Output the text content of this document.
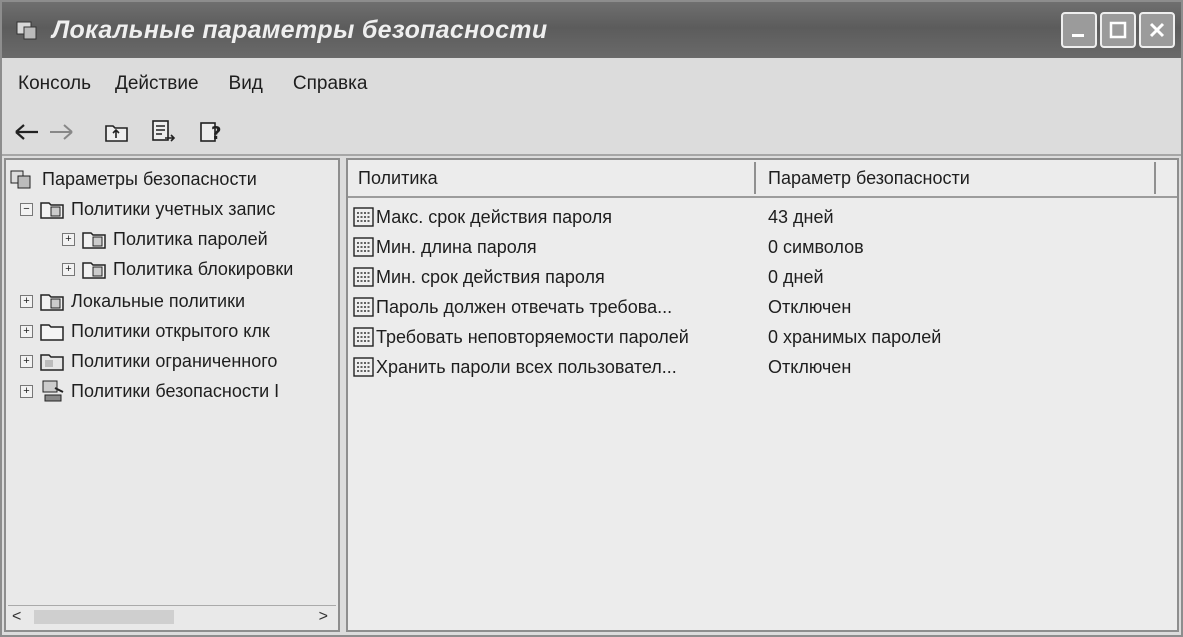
Локальные параметры безопасности
Консоль	Действие	Вид	Справка
?
Параметры безопасности
− Политики учетных запис
+ Политика паролей
+ Политика блокировки
+ Локальные политики
+ Политики открытого клк
+ Политики ограниченного
+ Политики безопасности I
<	>
Политика	Параметр безопасности
Макс. срок действия пароля	43 дней
Мин. длина пароля	0 символов
Мин. срок действия пароля	0 дней
Пароль должен отвечать требова...	Отключен
Требовать неповторяемости паролей	0 хранимых паролей
Хранить пароли всех пользовател...	Отключен
